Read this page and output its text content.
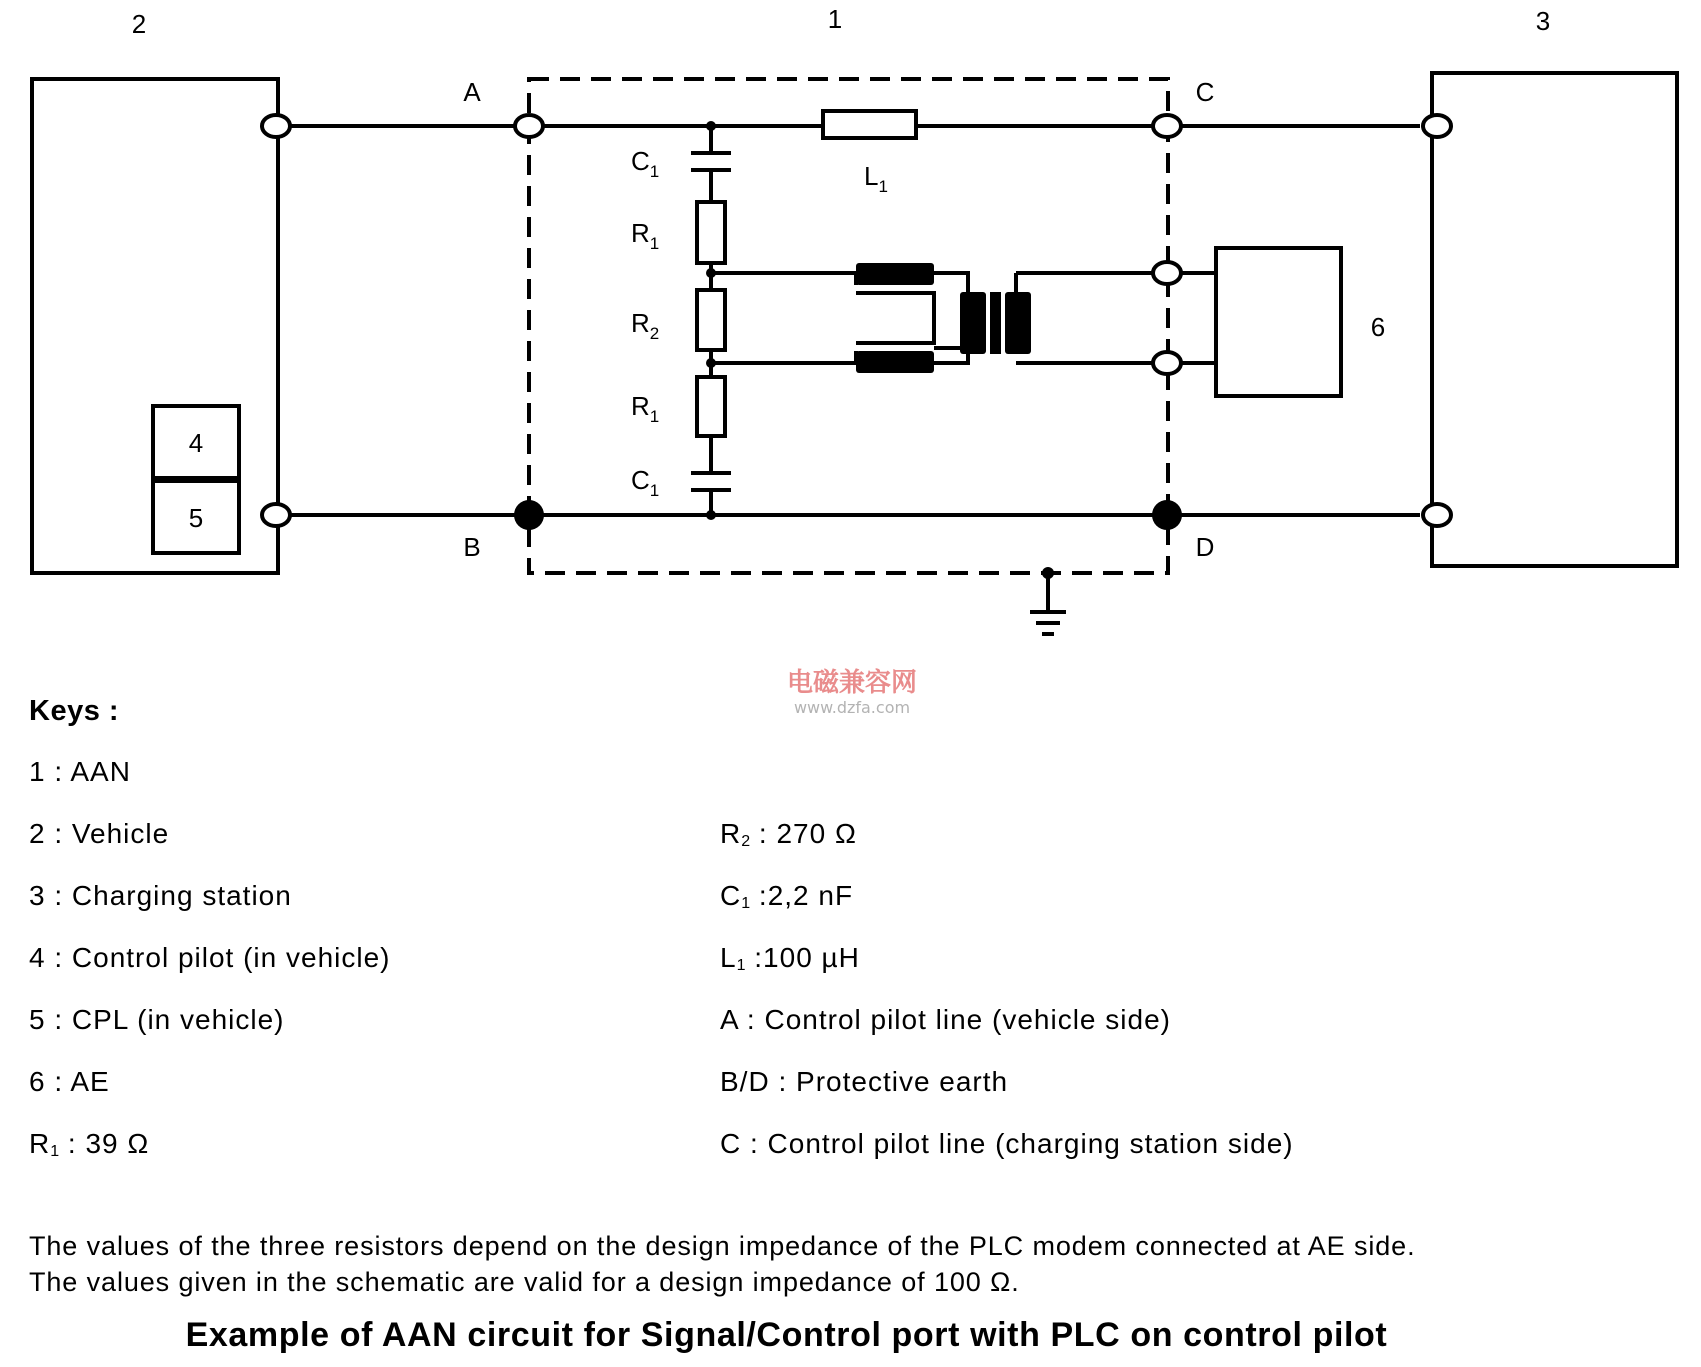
1
2	3
4
5
6
A
B
C
D
$C_1$
$R_1$
$R_2$
$R_1$
$C_1$
$L_1$
电磁兼容网
www.dzfa.com
Keys :
1 : AAN
2 : Vehicle
3 : Charging station
4 : Control pilot (in vehicle)
5 : CPL (in vehicle)
6 : AE
$R_1$ : 39 Ω
$R_2$ : 270 Ω
$C_1$ :2,2 nF
$L_1$ :100 µH
A : Control pilot line (vehicle side)
B/D : Protective earth
C : Control pilot line (charging station side)
The values of the three resistors depend on the design impedance of the PLC modem connected at AE side.
The values given in the schematic are valid for a design impedance of 100 Ω.
Example of AAN circuit for Signal/Control port with PLC on control pilot
